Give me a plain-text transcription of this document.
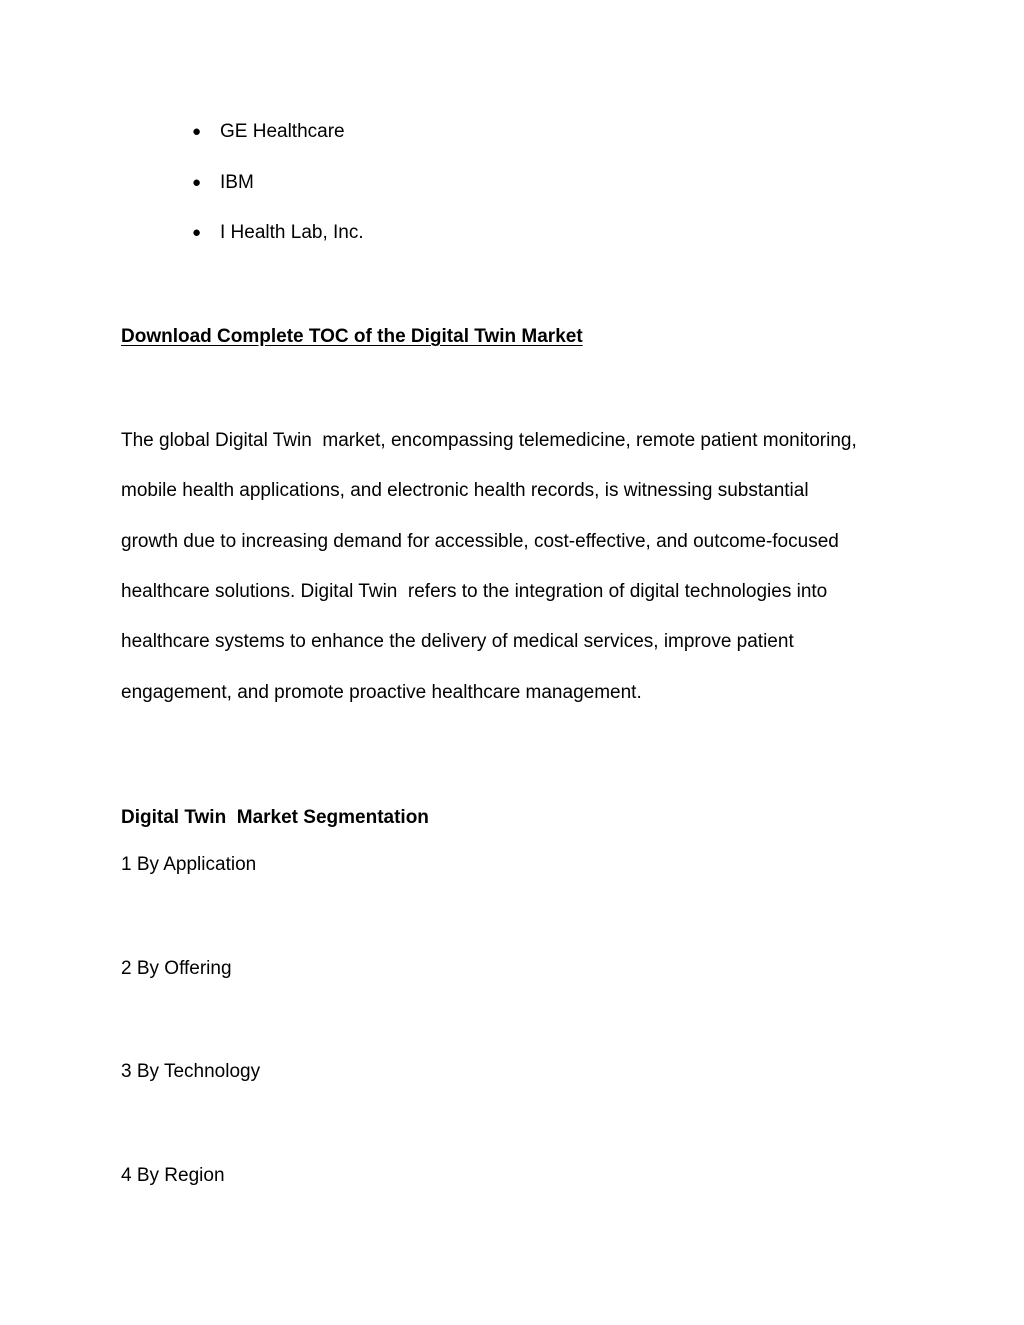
● GE Healthcare
● IBM
● I Health Lab, Inc.
Download Complete TOC of the Digital Twin Market
The global Digital Twin  market, encompassing telemedicine, remote patient monitoring,
mobile health applications, and electronic health records, is witnessing substantial
growth due to increasing demand for accessible, cost-effective, and outcome-focused
healthcare solutions. Digital Twin  refers to the integration of digital technologies into
healthcare systems to enhance the delivery of medical services, improve patient
engagement, and promote proactive healthcare management.
Digital Twin  Market Segmentation
1 By Application
2 By Offering
3 By Technology
4 By Region
